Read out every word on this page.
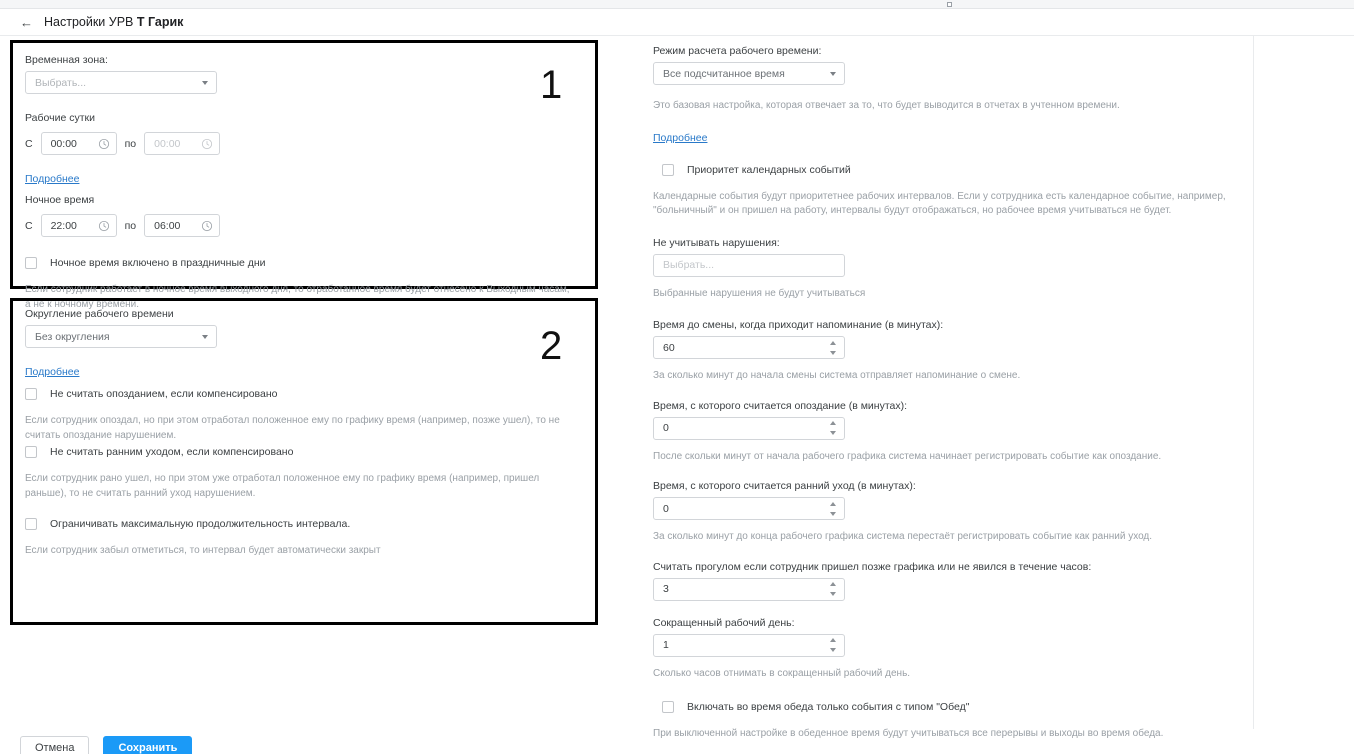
← Настройки УРВ Т Гарик
1
2
Временная зона:
Выбрать...
Рабочие сутки
С 00:00	по 00:00
Подробнее
Ночное время
С 22:00	по 06:00
Ночное время включено в праздничные дни
Если сотрудник работает в ночное время выходного дня, то отработанное время будет отнесено к Выходным часам, а не к ночному времени.
Округление рабочего времени
Без округления
Подробнее
Не считать опозданием, если компенсировано
Если сотрудник опоздал, но при этом отработал положенное ему по графику время (например, позже ушел), то не считать опоздание нарушением.
Не считать ранним уходом, если компенсировано
Если сотрудник рано ушел, но при этом уже отработал положенное ему по графику время (например, пришел раньше), то не считать ранний уход нарушением.
Ограничивать максимальную продолжительность интервала.
Если сотрудник забыл отметиться, то интервал будет автоматически закрыт
Режим расчета рабочего времени:
Все подсчитанное время
Это базовая настройка, которая отвечает за то, что будет выводится в отчетах в учтенном времени.
Подробнее
Приоритет календарных событий
Календарные события будут приоритетнее рабочих интервалов. Если у сотрудника есть календарное событие, например, "больничный" и он пришел на работу, интервалы будут отображаться, но рабочее время учитываться не будет.
Не учитывать нарушения:
Выбрать...
Выбранные нарушения не будут учитываться
Время до смены, когда приходит напоминание (в минутах):
60
За сколько минут до начала смены система отправляет напоминание о смене.
Время, с которого считается опоздание (в минутах):
0
После скольки минут от начала рабочего графика система начинает регистрировать событие как опоздание.
Время, с которого считается ранний уход (в минутах):
0
За сколько минут до конца рабочего графика система перестаёт регистрировать событие как ранний уход.
Считать прогулом если сотрудник пришел позже графика или не явился в течение часов:
3
Сокращенный рабочий день:
1
Сколько часов отнимать в сокращенный рабочий день.
Включать во время обеда только события с типом "Обед"
При выключенной настройке в обеденное время будут учитываться все перерывы и выходы во время обеда.
Отмена	Сохранить
